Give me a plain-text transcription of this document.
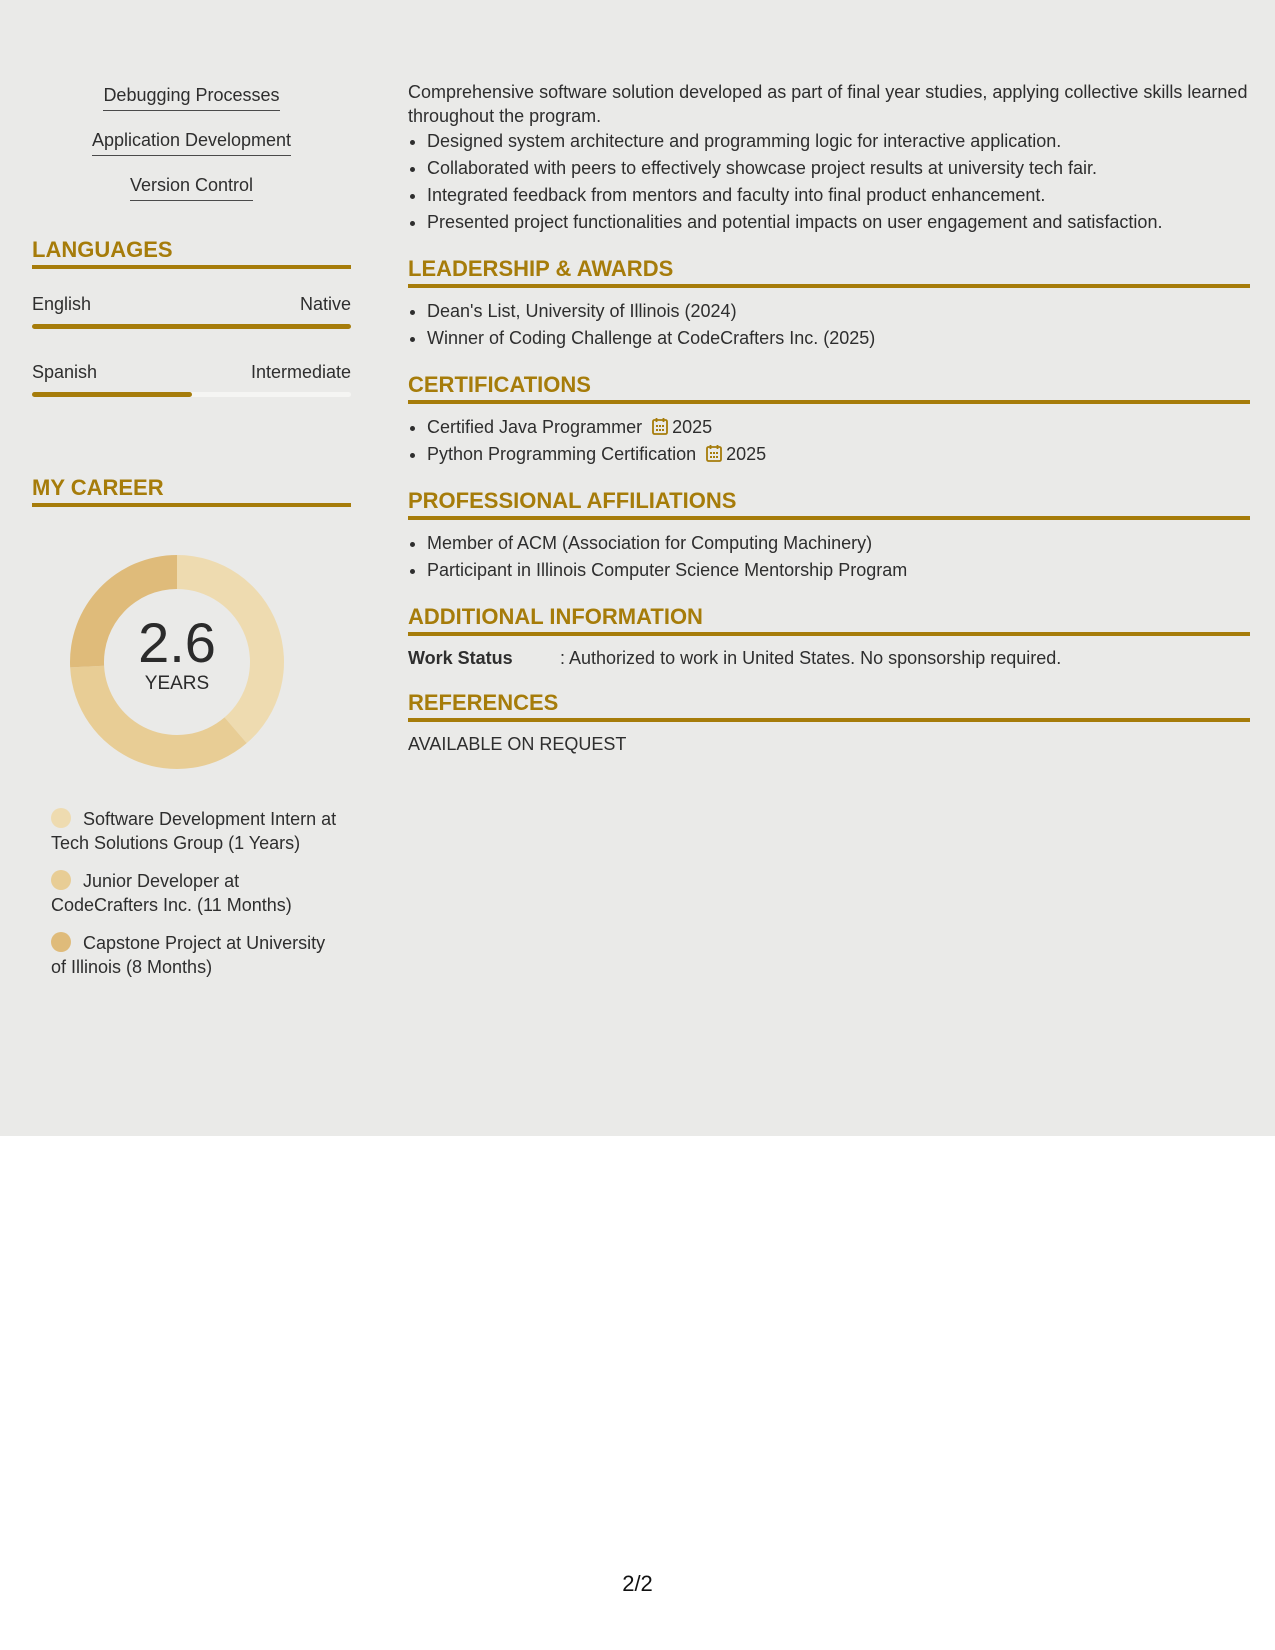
Debugging Processes
Application Development
Version Control
LANGUAGES
English	Native
Spanish	Intermediate
MY CAREER
2.6
YEARS
Software Development Intern at Tech Solutions Group (1 Years)
Junior Developer at CodeCrafters Inc. (11 Months)
Capstone Project at University of Illinois (8 Months)

Comprehensive software solution developed as part of final year studies, applying collective skills learned throughout the program.

• Designed system architecture and programming logic for interactive application.
• Collaborated with peers to effectively showcase project results at university tech fair.
• Integrated feedback from mentors and faculty into final product enhancement.
• Presented project functionalities and potential impacts on user engagement and satisfaction.
LEADERSHIP & AWARDS
• Dean's List, University of Illinois (2024)
• Winner of Coding Challenge at CodeCrafters Inc. (2025)
CERTIFICATIONS
• Certified Java Programmer 2025
• Python Programming Certification 2025
PROFESSIONAL AFFILIATIONS
• Member of ACM (Association for Computing Machinery)
• Participant in Illinois Computer Science Mentorship Program
ADDITIONAL INFORMATION
Work Status	: Authorized to work in United States. No sponsorship required.
REFERENCES
AVAILABLE ON REQUEST
2/2
